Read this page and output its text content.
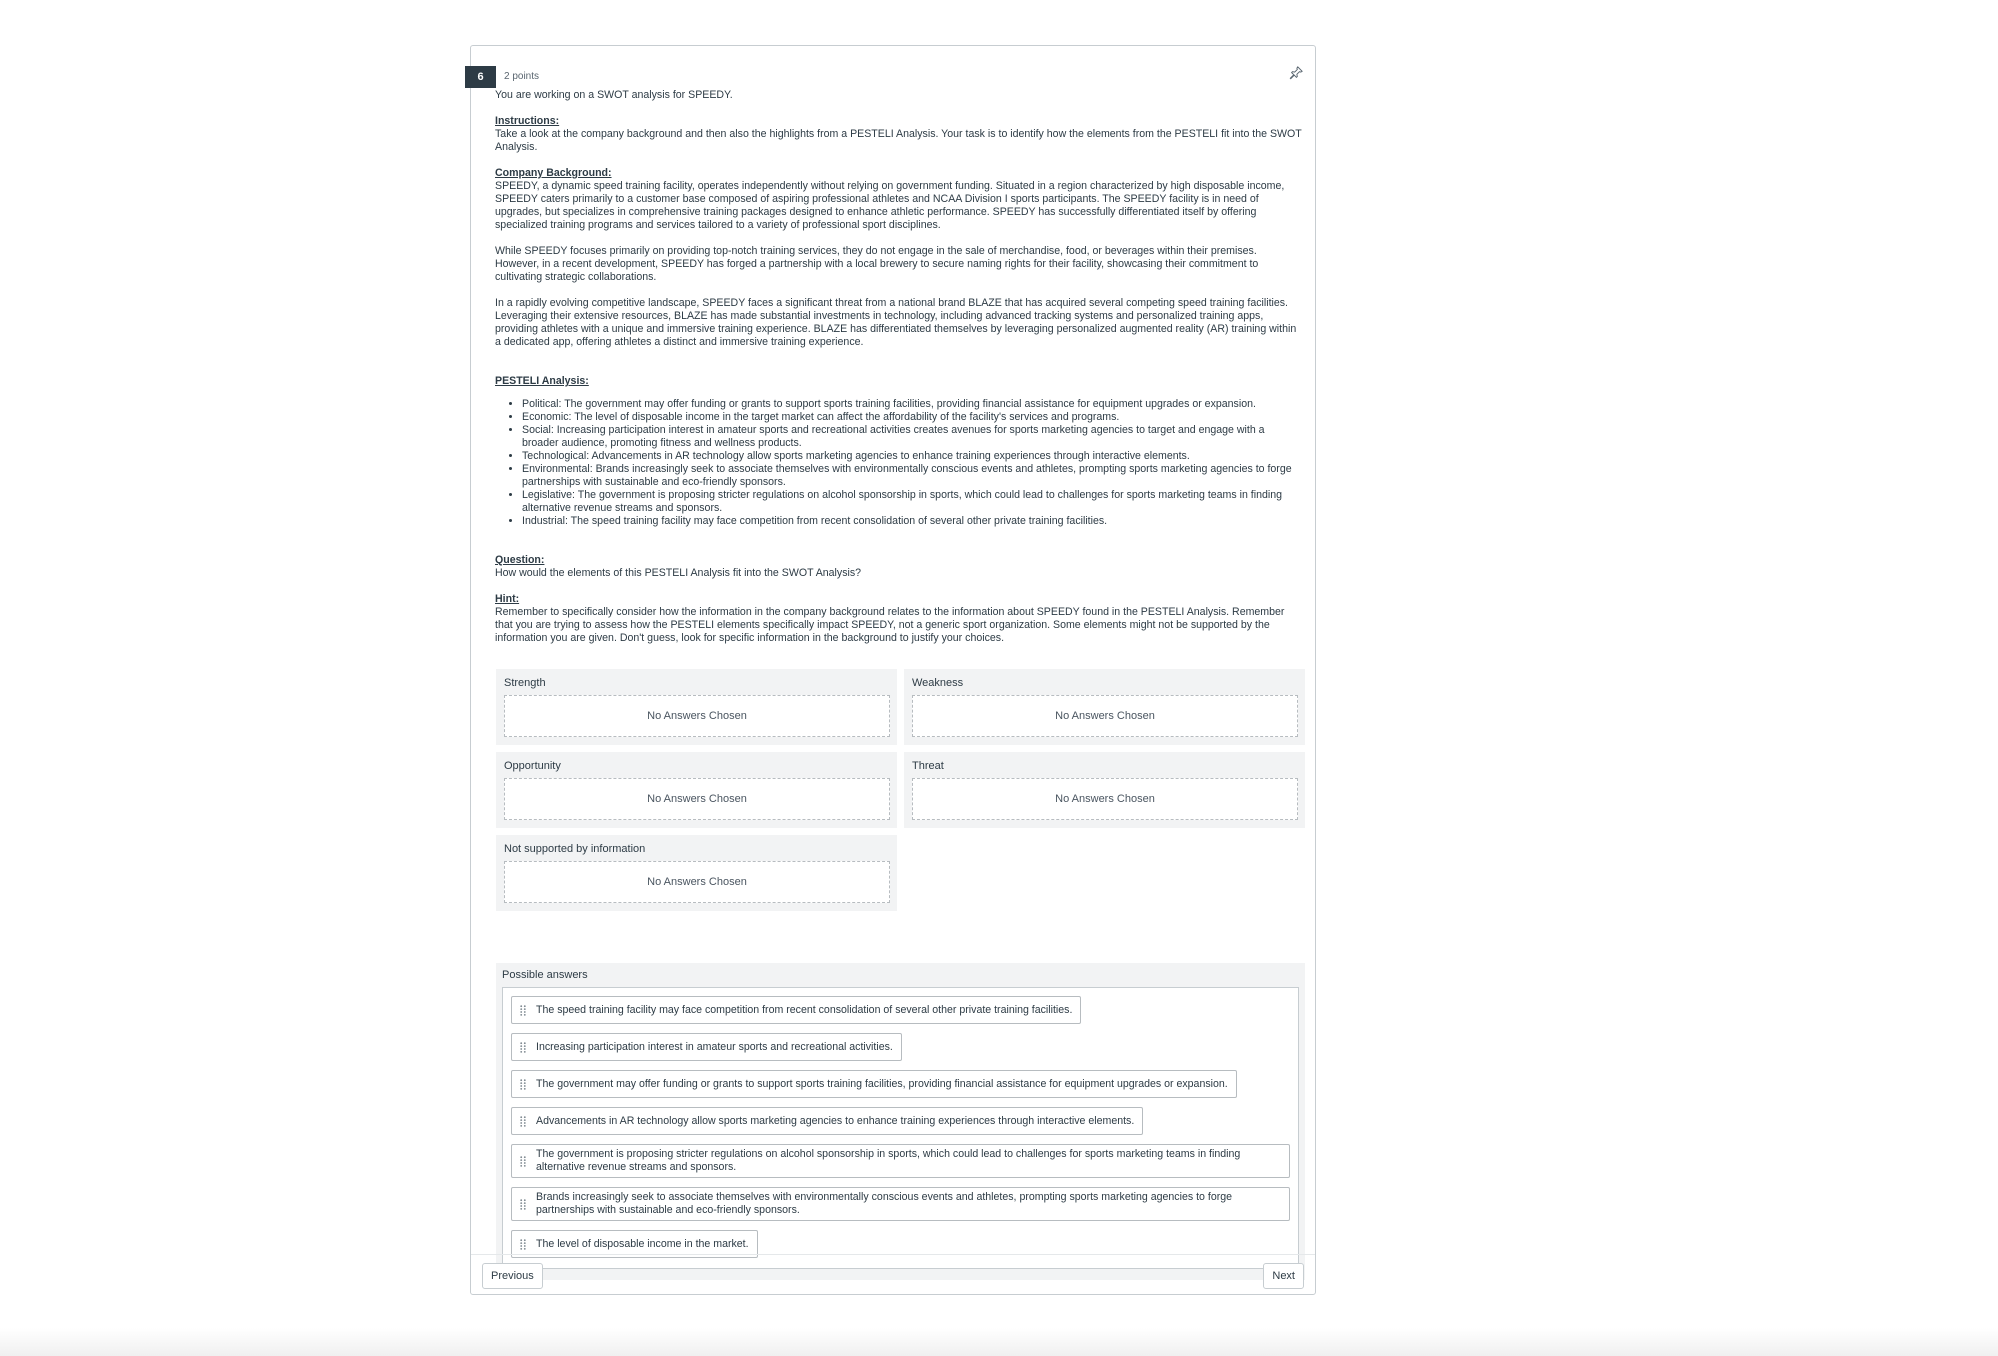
6	2 points

You are working on a SWOT analysis for SPEEDY.

Instructions:

Take a look at the company background and then also the highlights from a PESTELI Analysis. Your task is to identify how the elements from the PESTELI fit into the SWOT Analysis.

Company Background:

SPEEDY, a dynamic speed training facility, operates independently without relying on government funding. Situated in a region characterized by high disposable income, SPEEDY caters primarily to a customer base composed of aspiring professional athletes and NCAA Division I sports participants. The SPEEDY facility is in need of upgrades, but specializes in comprehensive training packages designed to enhance athletic performance. SPEEDY has successfully differentiated itself by offering specialized training programs and services tailored to a variety of professional sport disciplines.

While SPEEDY focuses primarily on providing top-notch training services, they do not engage in the sale of merchandise, food, or beverages within their premises. However, in a recent development, SPEEDY has forged a partnership with a local brewery to secure naming rights for their facility, showcasing their commitment to cultivating strategic collaborations.

In a rapidly evolving competitive landscape, SPEEDY faces a significant threat from a national brand BLAZE that has acquired several competing speed training facilities. Leveraging their extensive resources, BLAZE has made substantial investments in technology, including advanced tracking systems and personalized training apps, providing athletes with a unique and immersive training experience. BLAZE has differentiated themselves by leveraging personalized augmented reality (AR) training within a dedicated app, offering athletes a distinct and immersive training experience.

PESTELI Analysis:
• Political: The government may offer funding or grants to support sports training facilities, providing financial assistance for equipment upgrades or expansion.
• Economic: The level of disposable income in the target market can affect the affordability of the facility's services and programs.
• Social: Increasing participation interest in amateur sports and recreational activities creates avenues for sports marketing agencies to target and engage with a broader audience, promoting fitness and wellness products.
• Technological: Advancements in AR technology allow sports marketing agencies to enhance training experiences through interactive elements.
• Environmental: Brands increasingly seek to associate themselves with environmentally conscious events and athletes, prompting sports marketing agencies to forge partnerships with sustainable and eco-friendly sponsors.
• Legislative: The government is proposing stricter regulations on alcohol sponsorship in sports, which could lead to challenges for sports marketing teams in finding alternative revenue streams and sponsors.
• Industrial: The speed training facility may face competition from recent consolidation of several other private training facilities.
Question:

How would the elements of this PESTELI Analysis fit into the SWOT Analysis?

Hint:

Remember to specifically consider how the information in the company background relates to the information about SPEEDY found in the PESTELI Analysis. Remember that you are trying to assess how the PESTELI elements specifically impact SPEEDY, not a generic sport organization. Some elements might not be supported by the information you are given. Don't guess, look for specific information in the background to justify your choices.

Strength
No Answers Chosen
Weakness
No Answers Chosen
Opportunity
No Answers Chosen
Threat
No Answers Chosen
Not supported by information
No Answers Chosen
Possible answers
The speed training facility may face competition from recent consolidation of several other private training facilities.
Increasing participation interest in amateur sports and recreational activities.
The government may offer funding or grants to support sports training facilities, providing financial assistance for equipment upgrades or expansion.
Advancements in AR technology allow sports marketing agencies to enhance training experiences through interactive elements.
The government is proposing stricter regulations on alcohol sponsorship in sports, which could lead to challenges for sports marketing teams in finding alternative revenue streams and sponsors.
Brands increasingly seek to associate themselves with environmentally conscious events and athletes, prompting sports marketing agencies to forge partnerships with sustainable and eco-friendly sponsors.
The level of disposable income in the market.
Previous	Next
